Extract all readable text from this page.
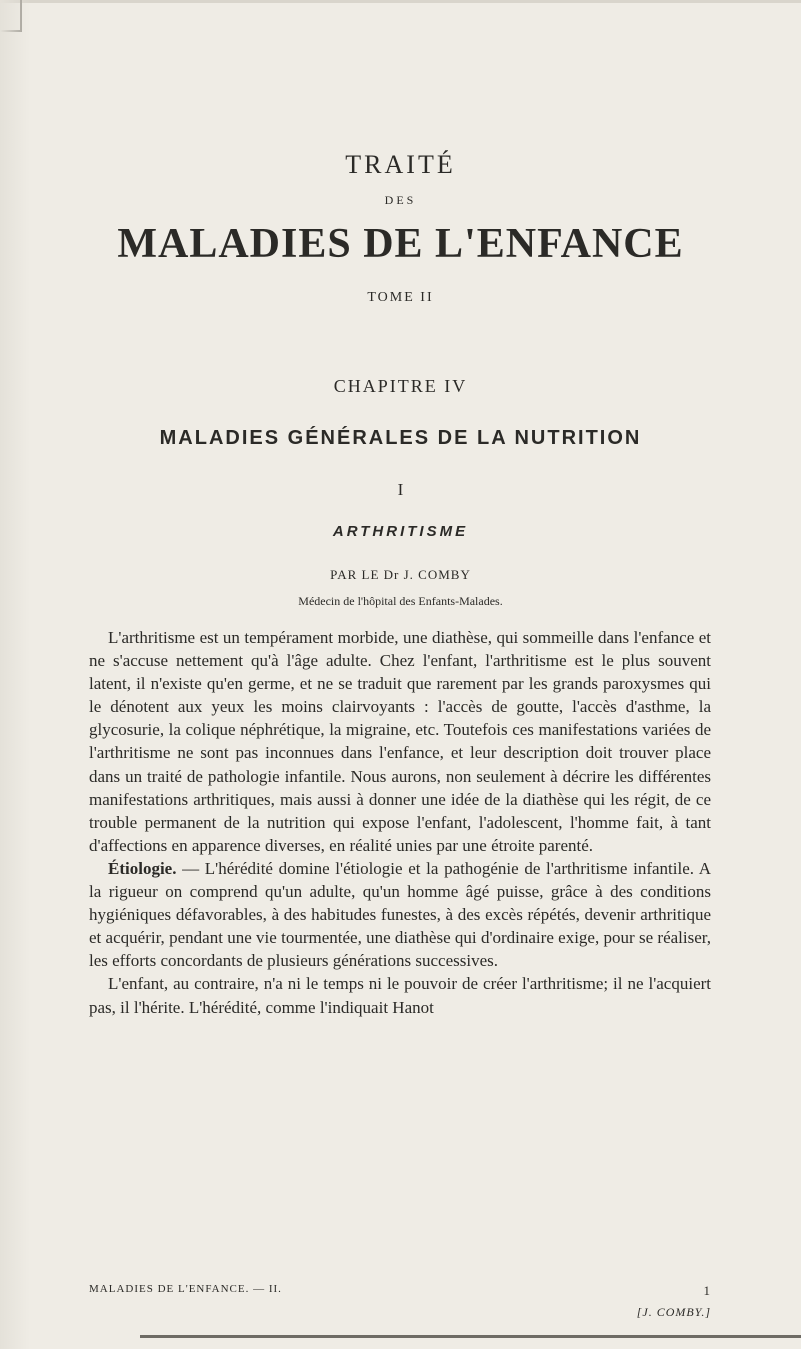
TRAITÉ

DES

MALADIES DE L'ENFANCE

TOME II

CHAPITRE IV

MALADIES GÉNÉRALES DE LA NUTRITION

I

ARTHRITISME

PAR LE Dr J. COMBY

Médecin de l'hôpital des Enfants-Malades.

L'arthritisme est un tempérament morbide, une diathèse, qui sommeille dans l'enfance et ne s'accuse nettement qu'à l'âge adulte. Chez l'enfant, l'arthritisme est le plus souvent latent, il n'existe qu'en germe, et ne se traduit que rarement par les grands paroxysmes qui le dénotent aux yeux les moins clairvoyants : l'accès de goutte, l'accès d'asthme, la glycosurie, la colique néphrétique, la migraine, etc. Toutefois ces manifestations variées de l'arthritisme ne sont pas inconnues dans l'enfance, et leur description doit trouver place dans un traité de pathologie infantile. Nous aurons, non seulement à décrire les différentes manifestations arthritiques, mais aussi à donner une idée de la diathèse qui les régit, de ce trouble permanent de la nutrition qui expose l'enfant, l'adolescent, l'homme fait, à tant d'affections en apparence diverses, en réalité unies par une étroite parenté.

Étiologie. — L'hérédité domine l'étiologie et la pathogénie de l'arthritisme infantile. A la rigueur on comprend qu'un adulte, qu'un homme âgé puisse, grâce à des conditions hygiéniques défavorables, à des habitudes funestes, à des excès répétés, devenir arthritique et acquérir, pendant une vie tourmentée, une diathèse qui d'ordinaire exige, pour se réaliser, les efforts concordants de plusieurs générations successives.

L'enfant, au contraire, n'a ni le temps ni le pouvoir de créer l'arthritisme; il ne l'acquiert pas, il l'hérite. L'hérédité, comme l'indiquait Hanot

MALADIES DE L'ENFANCE. — II.	1
[J. COMBY.]
